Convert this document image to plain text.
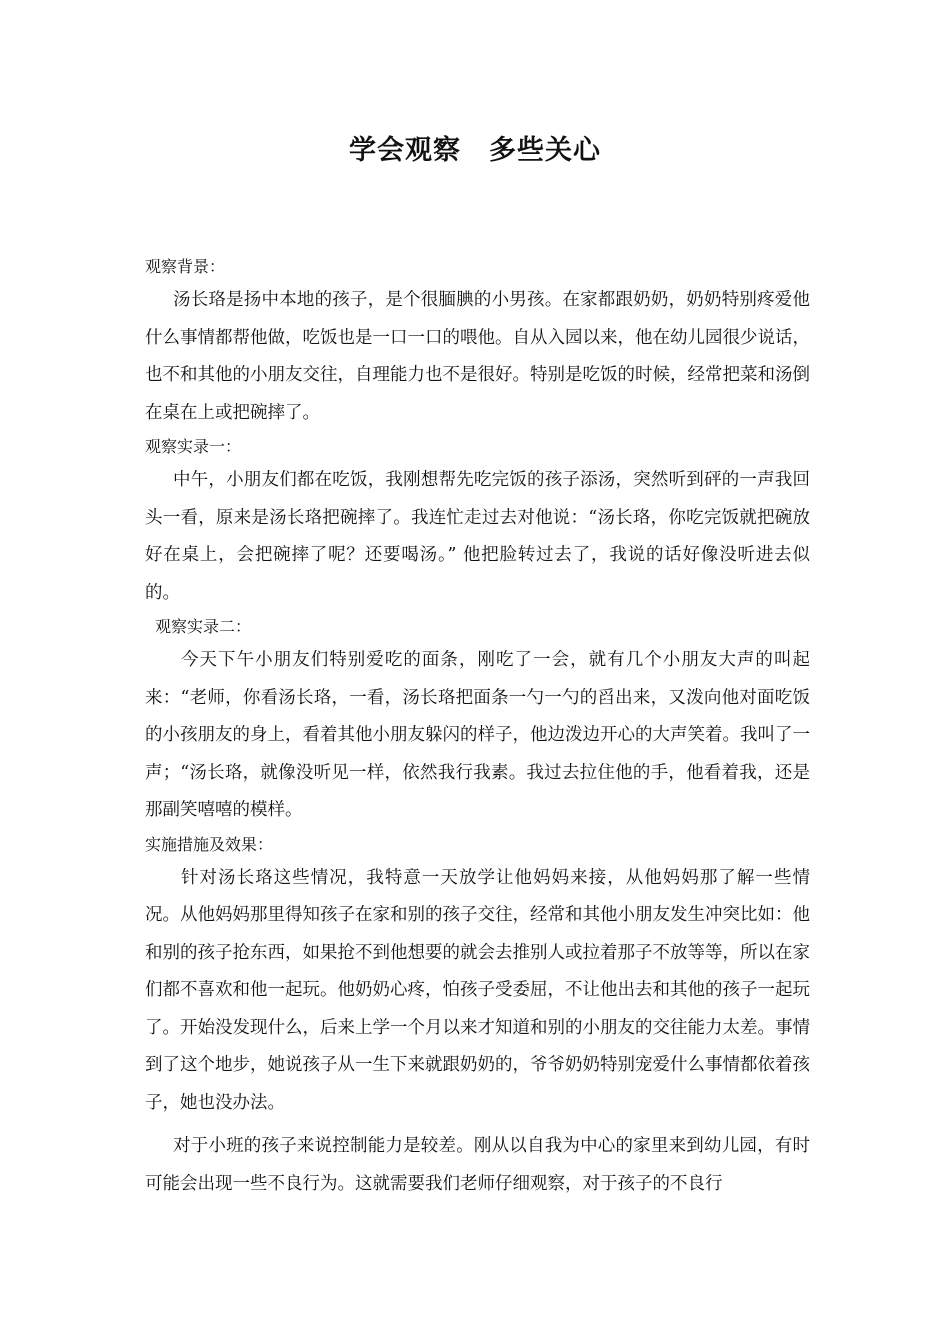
学会观察　多些关心
观察背景：
汤长珞是扬中本地的孩子，是个很腼腆的小男孩。在家都跟奶奶，奶奶特别疼爱他什么事情都帮他做，吃饭也是一口一口的喂他。自从入园以来，他在幼儿园很少说话，也不和其他的小朋友交往，自理能力也不是很好。特别是吃饭的时候，经常把菜和汤倒在桌在上或把碗摔了。
观察实录一：
中午，小朋友们都在吃饭，我刚想帮先吃完饭的孩子添汤，突然听到砰的一声我回头一看，原来是汤长珞把碗摔了。我连忙走过去对他说：“汤长珞，你吃完饭就把碗放好在桌上，会把碗摔了呢？还要喝汤。” 他把脸转过去了，我说的话好像没听进去似的。
观察实录二：
今天下午小朋友们特别爱吃的面条，刚吃了一会，就有几个小朋友大声的叫起来：“老师，你看汤长珞，一看，汤长珞把面条一勺一勺的舀出来，又泼向他对面吃饭的小孩朋友的身上，看着其他小朋友躲闪的样子，他边泼边开心的大声笑着。我叫了一声；“汤长珞，就像没听见一样，依然我行我素。我过去拉住他的手，他看着我，还是那副笑嘻嘻的模样。
实施措施及效果：
针对汤长珞这些情况，我特意一天放学让他妈妈来接，从他妈妈那了解一些情况。从他妈妈那里得知孩子在家和别的孩子交往，经常和其他小朋友发生冲突比如：他和别的孩子抢东西，如果抢不到他想要的就会去推别人或拉着那子不放等等，所以在家们都不喜欢和他一起玩。他奶奶心疼，怕孩子受委屈，不让他出去和其他的孩子一起玩了。开始没发现什么，后来上学一个月以来才知道和别的小朋友的交往能力太差。事情到了这个地步，她说孩子从一生下来就跟奶奶的，爷爷奶奶特别宠爱什么事情都依着孩子，她也没办法。
对于小班的孩子来说控制能力是较差。刚从以自我为中心的家里来到幼儿园，有时可能会出现一些不良行为。这就需要我们老师仔细观察，对于孩子的不良行
